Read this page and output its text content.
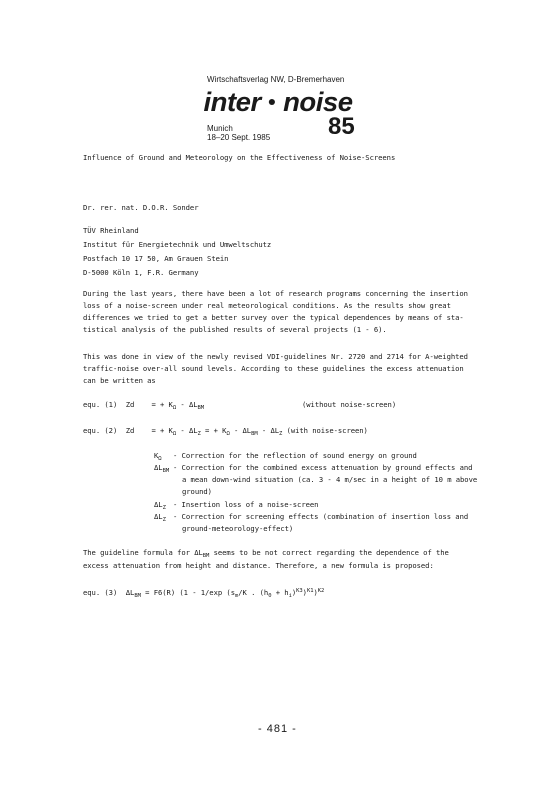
Wirtschaftsverlag NW, D-Bremerhaven
inter noise
Munich
18–20 Sept. 1985 85
Influence of Ground and Meteorology on the Effectiveness of Noise-Screens
Dr. rer. nat. D.O.R. Sonder
TÜV Rheinland
Institut für Energietechnik und Umweltschutz
Postfach 10 17 50, Am Grauen Stein
D-5000 Köln 1, F.R. Germany
During the last years, there have been a lot of research programs concerning the insertion
loss of a noise-screen under real meteorological conditions. As the results show great
differences we tried to get a better survey over the typical dependences by means of sta-
tistical analysis of the published results of several projects (1 - 6).
This was done in view of the newly revised VDI-guidelines Nr. 2720 and 2714 for A-weighted
traffic-noise over-all sound levels. According to these guidelines the excess attenuation
can be written as
equ. (1) Zd = + $K_\Omega - \Delta L_{BM}$	(without noise-screen)
equ. (2) Zd = + $K_\Omega - \Delta L_Z$ = + $K_\Omega - \Delta L_{BM} - \Delta L_Z$ (with noise-screen)
$K_\Omega$ - Correction for the reflection of sound energy on ground
$\Delta L_{BM}$ - Correction for the combined excess attenuation by ground effects and
a mean down-wind situation (ca. 3 - 4 m/sec in a height of 10 m above
ground)
$\Delta L_Z$ - Insertion loss of a noise-screen
$\Delta L_Z$ - Correction for screening effects (combination of insertion loss and
ground-meteorology-effect)
The guideline formula for $\Delta L_{BM}$ seems to be not correct regarding the dependence of the
excess attenuation from height and distance. Therefore, a new formula is proposed:
equ. (3) $\Delta L_{BM} = F6(R)$ (1 - 1/exp ($s_m/K$ . $(h_0 + h_i)^{K3})^{K1})^{K2}$
- 481 -
